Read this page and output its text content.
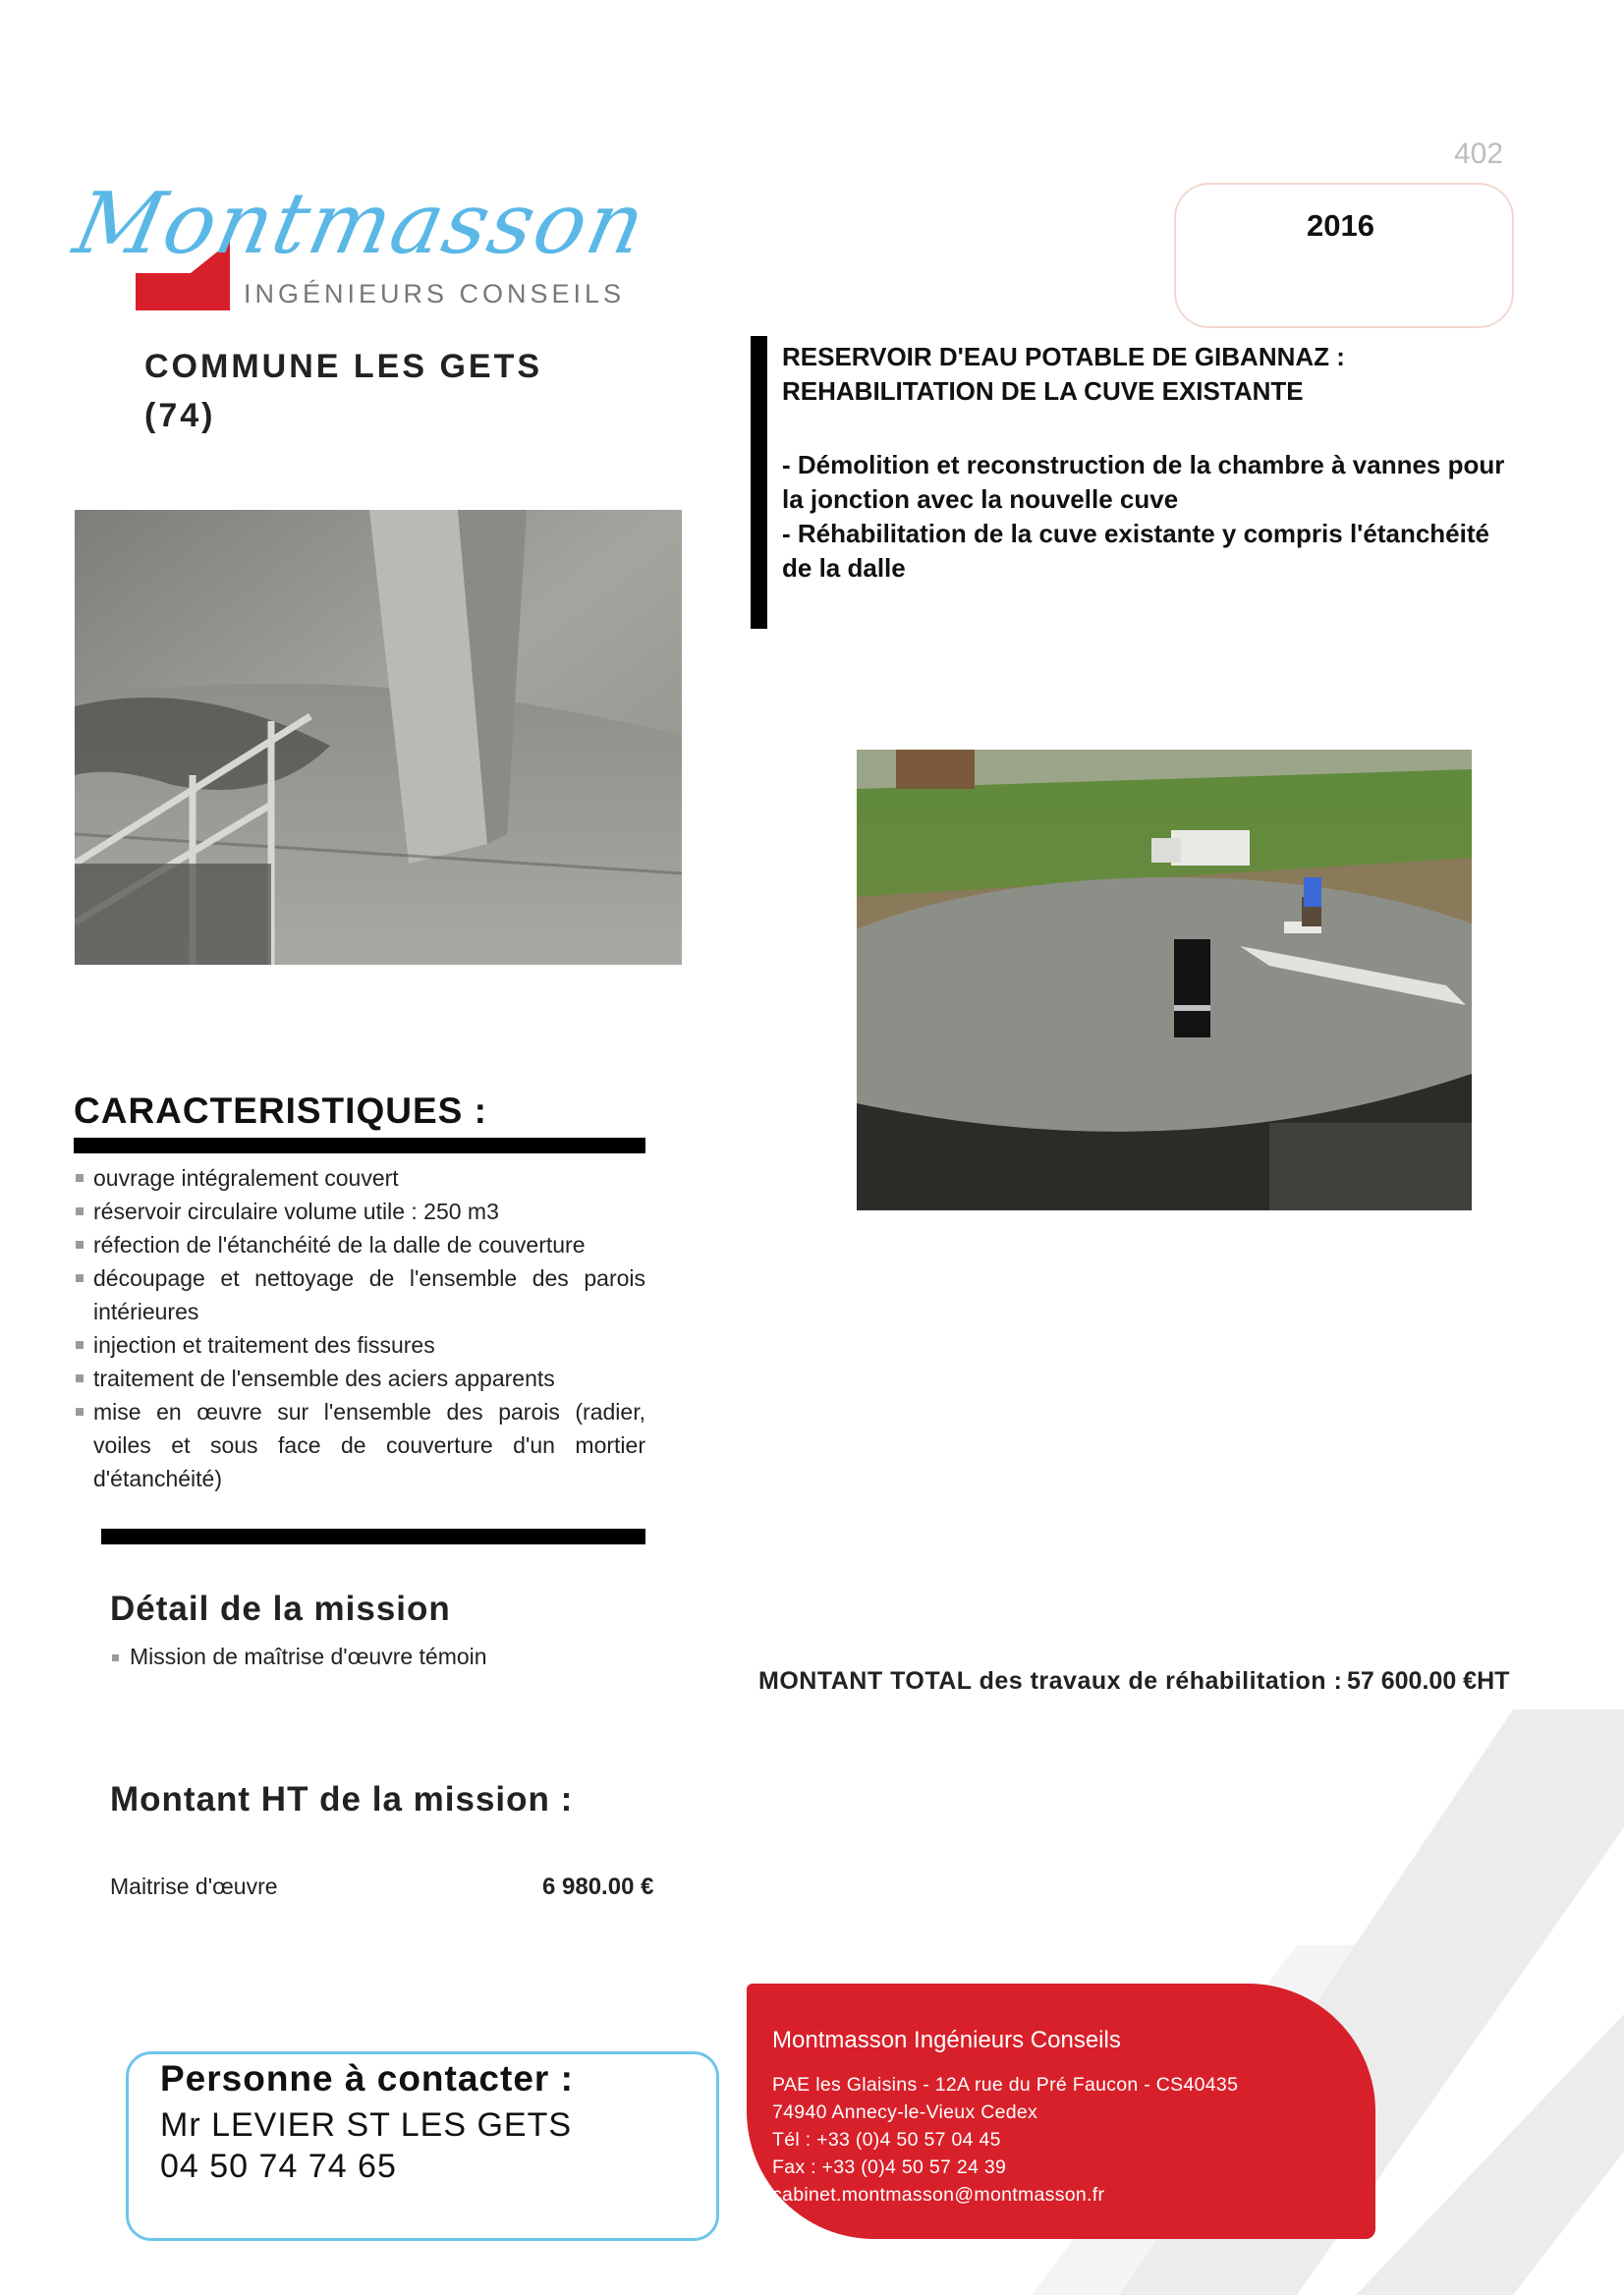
Montmasson
INGÉNIEURS CONSEILS
402
2016
COMMUNE LES GETS
(74)
RESERVOIR D'EAU POTABLE DE GIBANNAZ :
REHABILITATION DE LA CUVE EXISTANTE
- Démolition et reconstruction de la chambre à vannes pour
la jonction avec la nouvelle cuve
- Réhabilitation de la cuve existante y compris l'étanchéité
de la dalle
CARACTERISTIQUES :
ouvrage intégralement couvert
réservoir circulaire volume utile : 250 m3
réfection de l'étanchéité de la dalle de couverture
découpage et nettoyage de l'ensemble des parois intérieures
injection et traitement des fissures
traitement de l'ensemble des aciers apparents
mise en œuvre sur l'ensemble des parois (radier, voiles et sous face de couverture d'un mortier d'étanchéité)
Détail de la mission
Mission de maîtrise d'œuvre témoin
MONTANT TOTAL des travaux de réhabilitation : 57 600.00 €HT
Montant HT de la mission :
Maitrise d'œuvre	6 980.00 €
Personne à contacter :
Mr LEVIER ST LES GETS
04 50 74 74 65
Montmasson Ingénieurs Conseils
PAE les Glaisins - 12A rue du Pré Faucon - CS40435
74940 Annecy-le-Vieux Cedex
Tél : +33 (0)4 50 57 04 45
Fax : +33 (0)4 50 57 24 39
cabinet.montmasson@montmasson.fr
